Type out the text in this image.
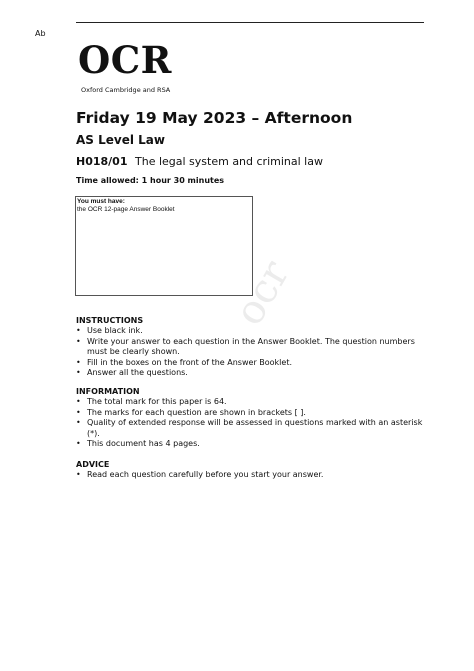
Ab
OCR
Oxford Cambridge and RSA
Friday 19 May 2023 – Afternoon
AS Level Law
H018/01 The legal system and criminal law
Time allowed: 1 hour 30 minutes
You must have:
the OCR 12-page Answer Booklet
ocr
INSTRUCTIONS
• Use black ink.
• Write your answer to each question in the Answer Booklet. The question numbers must be clearly shown.
• Fill in the boxes on the front of the Answer Booklet.
• Answer all the questions.
INFORMATION
• The total mark for this paper is 64.
• The marks for each question are shown in brackets [ ].
• Quality of extended response will be assessed in questions marked with an asterisk (*).
• This document has 4 pages.
ADVICE
• Read each question carefully before you start your answer.
